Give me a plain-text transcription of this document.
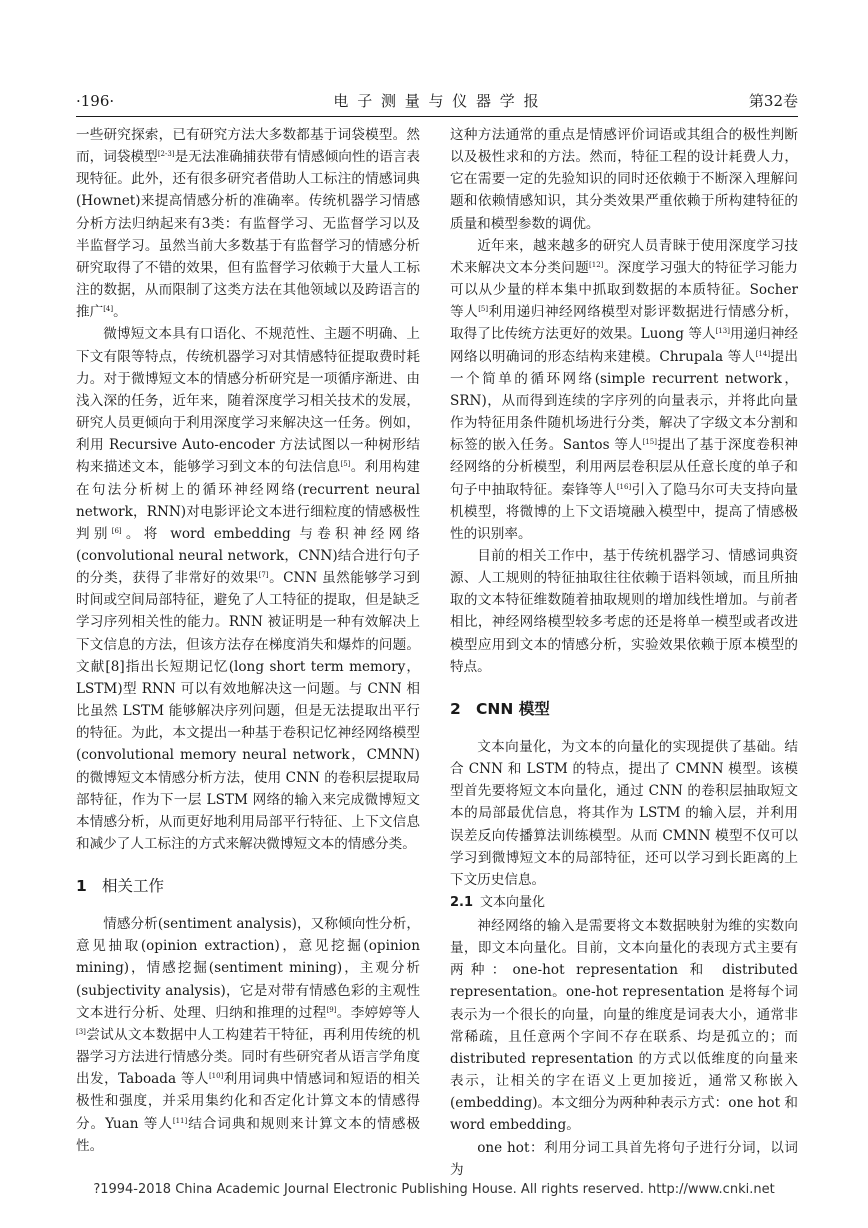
·196·	电 子 测 量 与 仪 器 学 报	第32卷

一些研究探索，已有研究方法大多数都基于词袋模型。然而，词袋模型[2-3]是无法准确捕获带有情感倾向性的语言表现特征。此外，还有很多研究者借助人工标注的情感词典(Hownet)来提高情感分析的准确率。传统机器学习情感分析方法归纳起来有3类：有监督学习、无监督学习以及半监督学习。虽然当前大多数基于有监督学习的情感分析研究取得了不错的效果，但有监督学习依赖于大量人工标注的数据，从而限制了这类方法在其他领域以及跨语言的推广[4]。

微博短文本具有口语化、不规范性、主题不明确、上下文有限等特点，传统机器学习对其情感特征提取费时耗力。对于微博短文本的情感分析研究是一项循序渐进、由浅入深的任务，近年来，随着深度学习相关技术的发展，研究人员更倾向于利用深度学习来解决这一任务。例如，利用 Recursive Auto-encoder 方法试图以一种树形结构来描述文本，能够学习到文本的句法信息[5]。利用构建在句法分析树上的循环神经网络(recurrent neural network，RNN)对电影评论文本进行细粒度的情感极性判别[6]。将 word embedding 与卷积神经网络(convolutional neural network，CNN)结合进行句子的分类，获得了非常好的效果[7]。CNN 虽然能够学习到时间或空间局部特征，避免了人工特征的提取，但是缺乏学习序列相关性的能力。RNN 被证明是一种有效解决上下文信息的方法，但该方法存在梯度消失和爆炸的问题。文献[8]指出长短期记忆(long short term memory，LSTM)型 RNN 可以有效地解决这一问题。与 CNN 相比虽然 LSTM 能够解决序列问题，但是无法提取出平行的特征。为此，本文提出一种基于卷积记忆神经网络模型(convolutional memory neural network，CMNN)的微博短文本情感分析方法，使用 CNN 的卷积层提取局部特征，作为下一层 LSTM 网络的输入来完成微博短文本情感分析，从而更好地利用局部平行特征、上下文信息和减少了人工标注的方式来解决微博短文本的情感分类。

1 相关工作

情感分析(sentiment analysis)，又称倾向性分析，意见抽取(opinion extraction)，意见挖掘(opinion mining)，情感挖掘(sentiment mining)，主观分析(subjectivity analysis)，它是对带有情感色彩的主观性文本进行分析、处理、归纳和推理的过程[9]。李婷婷等人[3]尝试从文本数据中人工构建若干特征，再利用传统的机器学习方法进行情感分类。同时有些研究者从语言学角度出发，Taboada 等人[10]利用词典中情感词和短语的相关极性和强度，并采用集约化和否定化计算文本的情感得分。Yuan 等人[11]结合词典和规则来计算文本的情感极性。

这种方法通常的重点是情感评价词语或其组合的极性判断以及极性求和的方法。然而，特征工程的设计耗费人力，它在需要一定的先验知识的同时还依赖于不断深入理解问题和依赖情感知识，其分类效果严重依赖于所构建特征的质量和模型参数的调优。

近年来，越来越多的研究人员青睐于使用深度学习技术来解决文本分类问题[12]。深度学习强大的特征学习能力可以从少量的样本集中抓取到数据的本质特征。Socher 等人[5]利用递归神经网络模型对影评数据进行情感分析，取得了比传统方法更好的效果。Luong 等人[13]用递归神经网络以明确词的形态结构来建模。Chrupala 等人[14]提出一个简单的循环网络(simple recurrent network，SRN)，从而得到连续的字序列的向量表示，并将此向量作为特征用条件随机场进行分类，解决了字级文本分割和标签的嵌入任务。Santos 等人[15]提出了基于深度卷积神经网络的分析模型，利用两层卷积层从任意长度的单子和句子中抽取特征。秦锋等人[16]引入了隐马尔可夫支持向量机模型，将微博的上下文语境融入模型中，提高了情感极性的识别率。

目前的相关工作中，基于传统机器学习、情感词典资源、人工规则的特征抽取往往依赖于语料领域，而且所抽取的文本特征维数随着抽取规则的增加线性增加。与前者相比，神经网络模型较多考虑的还是将单一模型或者改进模型应用到文本的情感分析，实验效果依赖于原本模型的特点。

2 CNN 模型

文本向量化，为文本的向量化的实现提供了基础。结合 CNN 和 LSTM 的特点，提出了 CMNN 模型。该模型首先要将短文本向量化，通过 CNN 的卷积层抽取短文本的局部最优信息，将其作为 LSTM 的输入层，并利用误差反向传播算法训练模型。从而 CMNN 模型不仅可以学习到微博短文本的局部特征，还可以学习到长距离的上下文历史信息。

2.1 文本向量化

神经网络的输入是需要将文本数据映射为维的实数向量，即文本向量化。目前，文本向量化的表现方式主要有两种：one-hot representation 和 distributed representation。one-hot representation 是将每个词表示为一个很长的向量，向量的维度是词表大小，通常非常稀疏，且任意两个字间不存在联系、均是孤立的；而 distributed representation 的方式以低维度的向量来表示，让相关的字在语义上更加接近，通常又称嵌入(embedding)。本文细分为两种种表示方式：one hot 和 word embedding。

one hot：利用分词工具首先将句子进行分词，以词为

?1994-2018 China Academic Journal Electronic Publishing House. All rights reserved. http://www.cnki.net
